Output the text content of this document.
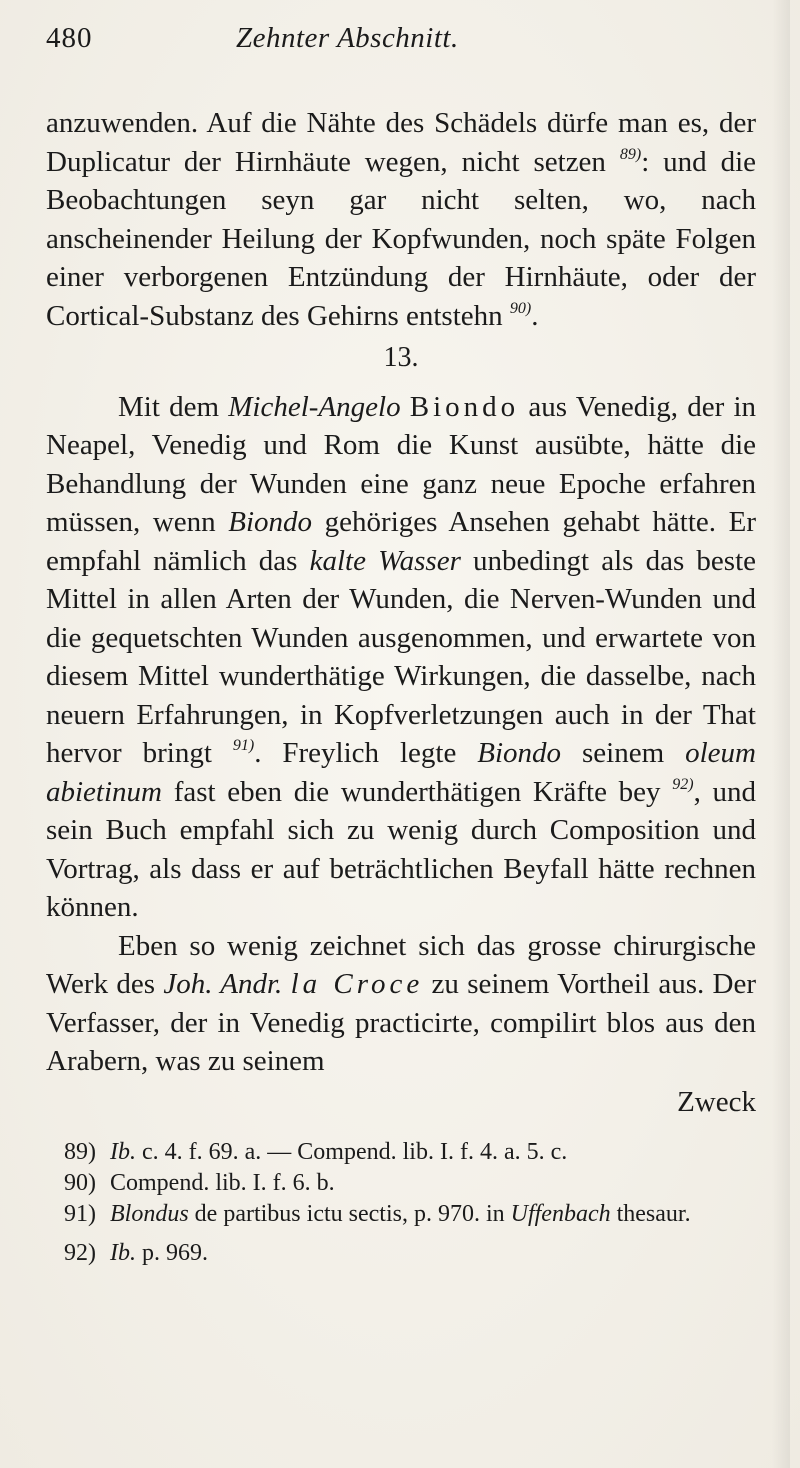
480	Zehnter Abschnitt.

anzuwenden. Auf die Nähte des Schädels dürfe man es, der Duplicatur der Hirnhäute wegen, nicht setzen $^{89)}$: und die Beobachtungen seyn gar nicht selten, wo, nach anscheinender Heilung der Kopfwunden, noch späte Folgen einer verborgenen Entzündung der Hirnhäute, oder der Cortical-Substanz des Gehirns entstehn $^{90)}$.

13.

Mit dem Michel-Angelo Biondo aus Venedig, der in Neapel, Venedig und Rom die Kunst ausübte, hätte die Behandlung der Wunden eine ganz neue Epoche erfahren müssen, wenn Biondo gehöriges Ansehen gehabt hätte. Er empfahl nämlich das kalte Wasser unbedingt als das beste Mittel in allen Arten der Wunden, die Nerven-Wunden und die gequetschten Wunden ausgenommen, und erwartete von diesem Mittel wunderthätige Wirkungen, die dasselbe, nach neuern Erfahrungen, in Kopfverletzungen auch in der That hervor bringt $^{91)}$. Freylich legte Biondo seinem oleum abietinum fast eben die wunderthätigen Kräfte bey $^{92)}$, und sein Buch empfahl sich zu wenig durch Composition und Vortrag, als dass er auf beträchtlichen Beyfall hätte rechnen können.

Eben so wenig zeichnet sich das grosse chirurgische Werk des Joh. Andr. la Croce zu seinem Vortheil aus. Der Verfasser, der in Venedig practicirte, compilirt blos aus den Arabern, was zu seinem

Zweck
89) Ib. c. 4. f. 69. a. — Compend. lib. I. f. 4. a. 5. c.
90) Compend. lib. I. f. 6. b.
91) Blondus de partibus ictu sectis, p. 970. in Uffenbach thesaur.
92) Ib. p. 969.
